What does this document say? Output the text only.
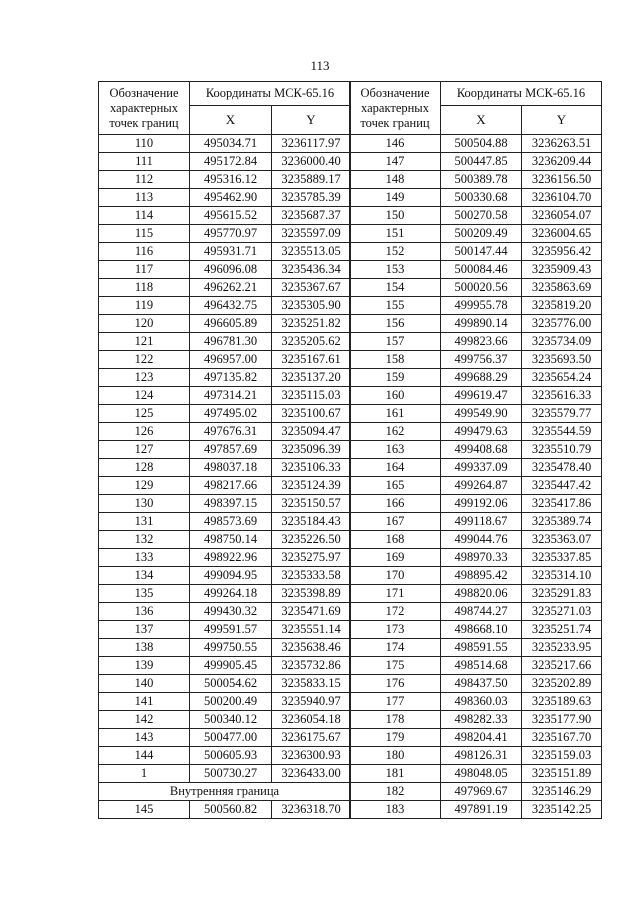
113
Обозначение
характерных
точек границ	Координаты МСК-65.16	
	X	Y
110	495034.71	3236117.97
111	495172.84	3236000.40
112	495316.12	3235889.17
113	495462.90	3235785.39
114	495615.52	3235687.37
115	495770.97	3235597.09
116	495931.71	3235513.05
117	496096.08	3235436.34
118	496262.21	3235367.67
119	496432.75	3235305.90
120	496605.89	3235251.82
121	496781.30	3235205.62
122	496957.00	3235167.61
123	497135.82	3235137.20
124	497314.21	3235115.03
125	497495.02	3235100.67
126	497676.31	3235094.47
127	497857.69	3235096.39
128	498037.18	3235106.33
129	498217.66	3235124.39
130	498397.15	3235150.57
131	498573.69	3235184.43
132	498750.14	3235226.50
133	498922.96	3235275.97
134	499094.95	3235333.58
135	499264.18	3235398.89
136	499430.32	3235471.69
137	499591.57	3235551.14
138	499750.55	3235638.46
139	499905.45	3235732.86
140	500054.62	3235833.15
141	500200.49	3235940.97
142	500340.12	3236054.18
143	500477.00	3236175.67
144	500605.93	3236300.93
1	500730.27	3236433.00
Внутренняя граница		
145	500560.82	3236318.70
Обозначение
характерных
точек границ	Координаты МСК-65.16	
	X	Y
146	500504.88	3236263.51
147	500447.85	3236209.44
148	500389.78	3236156.50
149	500330.68	3236104.70
150	500270.58	3236054.07
151	500209.49	3236004.65
152	500147.44	3235956.42
153	500084.46	3235909.43
154	500020.56	3235863.69
155	499955.78	3235819.20
156	499890.14	3235776.00
157	499823.66	3235734.09
158	499756.37	3235693.50
159	499688.29	3235654.24
160	499619.47	3235616.33
161	499549.90	3235579.77
162	499479.63	3235544.59
163	499408.68	3235510.79
164	499337.09	3235478.40
165	499264.87	3235447.42
166	499192.06	3235417.86
167	499118.67	3235389.74
168	499044.76	3235363.07
169	498970.33	3235337.85
170	498895.42	3235314.10
171	498820.06	3235291.83
172	498744.27	3235271.03
173	498668.10	3235251.74
174	498591.55	3235233.95
175	498514.68	3235217.66
176	498437.50	3235202.89
177	498360.03	3235189.63
178	498282.33	3235177.90
179	498204.41	3235167.70
180	498126.31	3235159.03
181	498048.05	3235151.89
182	497969.67	3235146.29
183	497891.19	3235142.25
